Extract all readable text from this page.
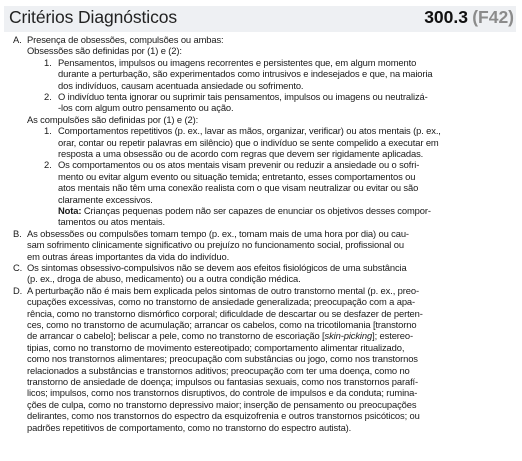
Critérios Diagnósticos	300.3 (F42)
A. Presença de obsessões, compulsões ou ambas:
Obsessões são definidas por (1) e (2):
1. Pensamentos, impulsos ou imagens recorrentes e persistentes que, em algum momento
durante a perturbação, são experimentados como intrusivos e indesejados e que, na maioria
dos indivíduos, causam acentuada ansiedade ou sofrimento.
2. O indivíduo tenta ignorar ou suprimir tais pensamentos, impulsos ou imagens ou neutralizá-
-los com algum outro pensamento ou ação.
As compulsões são definidas por (1) e (2):
1. Comportamentos repetitivos (p. ex., lavar as mãos, organizar, verificar) ou atos mentais (p. ex.,
orar, contar ou repetir palavras em silêncio) que o indivíduo se sente compelido a executar em
resposta a uma obsessão ou de acordo com regras que devem ser rigidamente aplicadas.
2. Os comportamentos ou os atos mentais visam prevenir ou reduzir a ansiedade ou o sofri-
mento ou evitar algum evento ou situação temida; entretanto, esses comportamentos ou
atos mentais não têm uma conexão realista com o que visam neutralizar ou evitar ou são
claramente excessivos.
Nota: Crianças pequenas podem não ser capazes de enunciar os objetivos desses compor-
tamentos ou atos mentais.
B. As obsessões ou compulsões tomam tempo (p. ex., tomam mais de uma hora por dia) ou cau-
sam sofrimento clinicamente significativo ou prejuízo no funcionamento social, profissional ou
em outras áreas importantes da vida do indivíduo.
C. Os sintomas obsessivo-compulsivos não se devem aos efeitos fisiológicos de uma substância
(p. ex., droga de abuso, medicamento) ou a outra condição médica.
D. A perturbação não é mais bem explicada pelos sintomas de outro transtorno mental (p. ex., preo-
cupações excessivas, como no transtorno de ansiedade generalizada; preocupação com a apa-
rência, como no transtorno dismórfico corporal; dificuldade de descartar ou se desfazer de perten-
ces, como no transtorno de acumulação; arrancar os cabelos, como na tricotilomania [transtorno
de arrancar o cabelo]; beliscar a pele, como no transtorno de escoriação [skin-picking]; estereo-
tipias, como no transtorno de movimento estereotipado; comportamento alimentar ritualizado,
como nos transtornos alimentares; preocupação com substâncias ou jogo, como nos transtornos
relacionados a substâncias e transtornos aditivos; preocupação com ter uma doença, como no
transtorno de ansiedade de doença; impulsos ou fantasias sexuais, como nos transtornos parafí-
licos; impulsos, como nos transtornos disruptivos, do controle de impulsos e da conduta; rumina-
ções de culpa, como no transtorno depressivo maior; inserção de pensamento ou preocupações
delirantes, como nos transtornos do espectro da esquizofrenia e outros transtornos psicóticos; ou
padrões repetitivos de comportamento, como no transtorno do espectro autista).
